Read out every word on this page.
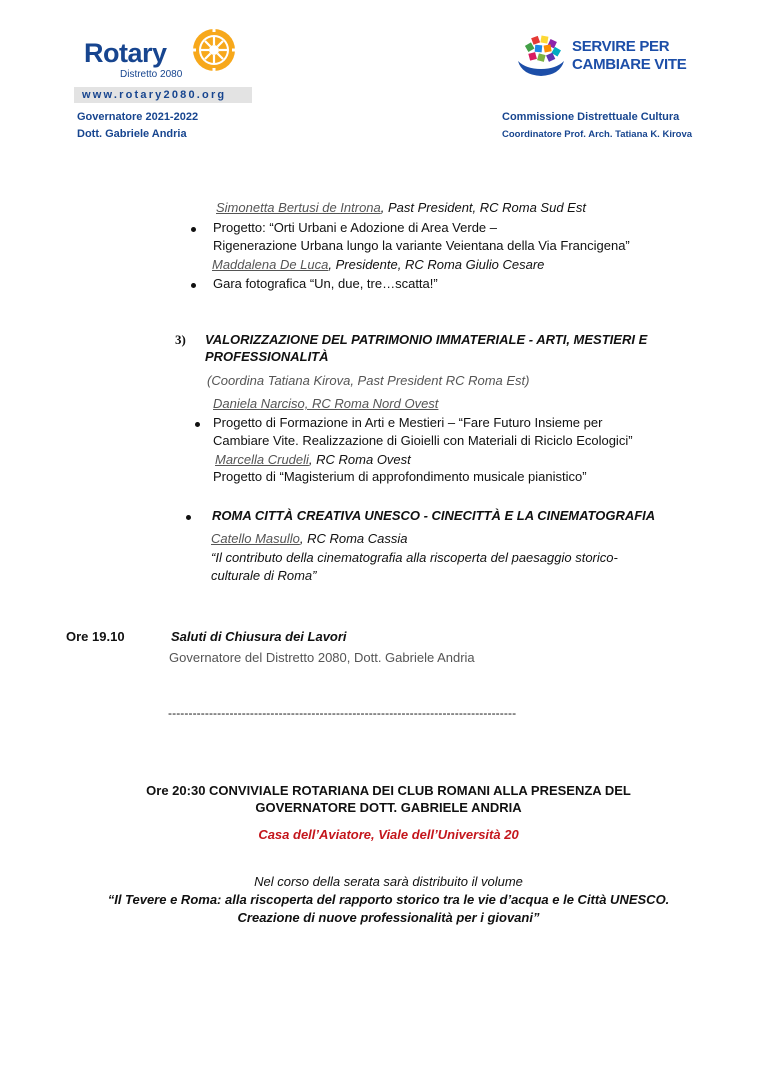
Rotary
Distretto 2080
www.rotary2080.org
Governatore 2021-2022
Dott. Gabriele Andria
SERVIRE PER
CAMBIARE VITE
Commissione Distrettuale Cultura
Coordinatore Prof. Arch. Tatiana K. Kirova
Simonetta Bertusi de Introna, Past President, RC Roma Sud Est
Progetto: “Orti Urbani e Adozione di Area Verde –
Rigenerazione Urbana lungo la variante Veientana della Via Francigena”
Maddalena De Luca, Presidente, RC Roma Giulio Cesare
Gara fotografica “Un, due, tre…scatta!”
3) VALORIZZAZIONE DEL PATRIMONIO IMMATERIALE - ARTI, MESTIERI E
PROFESSIONALITÀ
(Coordina Tatiana Kirova, Past President RC Roma Est)
Daniela Narciso, RC Roma Nord Ovest
Progetto di Formazione in Arti e Mestieri – “Fare Futuro Insieme per
Cambiare Vite. Realizzazione di Gioielli con Materiali di Riciclo Ecologici”
Marcella Crudeli, RC Roma Ovest
Progetto di “Magisterium di approfondimento musicale pianistico”
ROMA CITTÀ CREATIVA UNESCO - CINECITTÀ E LA CINEMATOGRAFIA
Catello Masullo, RC Roma Cassia
“Il contributo della cinematografia alla riscoperta del paesaggio storico-
culturale di Roma”
Ore 19.10	Saluti di Chiusura dei Lavori
Governatore del Distretto 2080, Dott. Gabriele Andria
-------------------------------------------------------------------------------------
Ore 20:30 CONVIVIALE ROTARIANA DEI CLUB ROMANI ALLA PRESENZA DEL
GOVERNATORE DOTT. GABRIELE ANDRIA
Casa dell’Aviatore, Viale dell’Università 20
Nel corso della serata sarà distribuito il volume
“Il Tevere e Roma: alla riscoperta del rapporto storico tra le vie d’acqua e le Città UNESCO.
Creazione di nuove professionalità per i giovani”
